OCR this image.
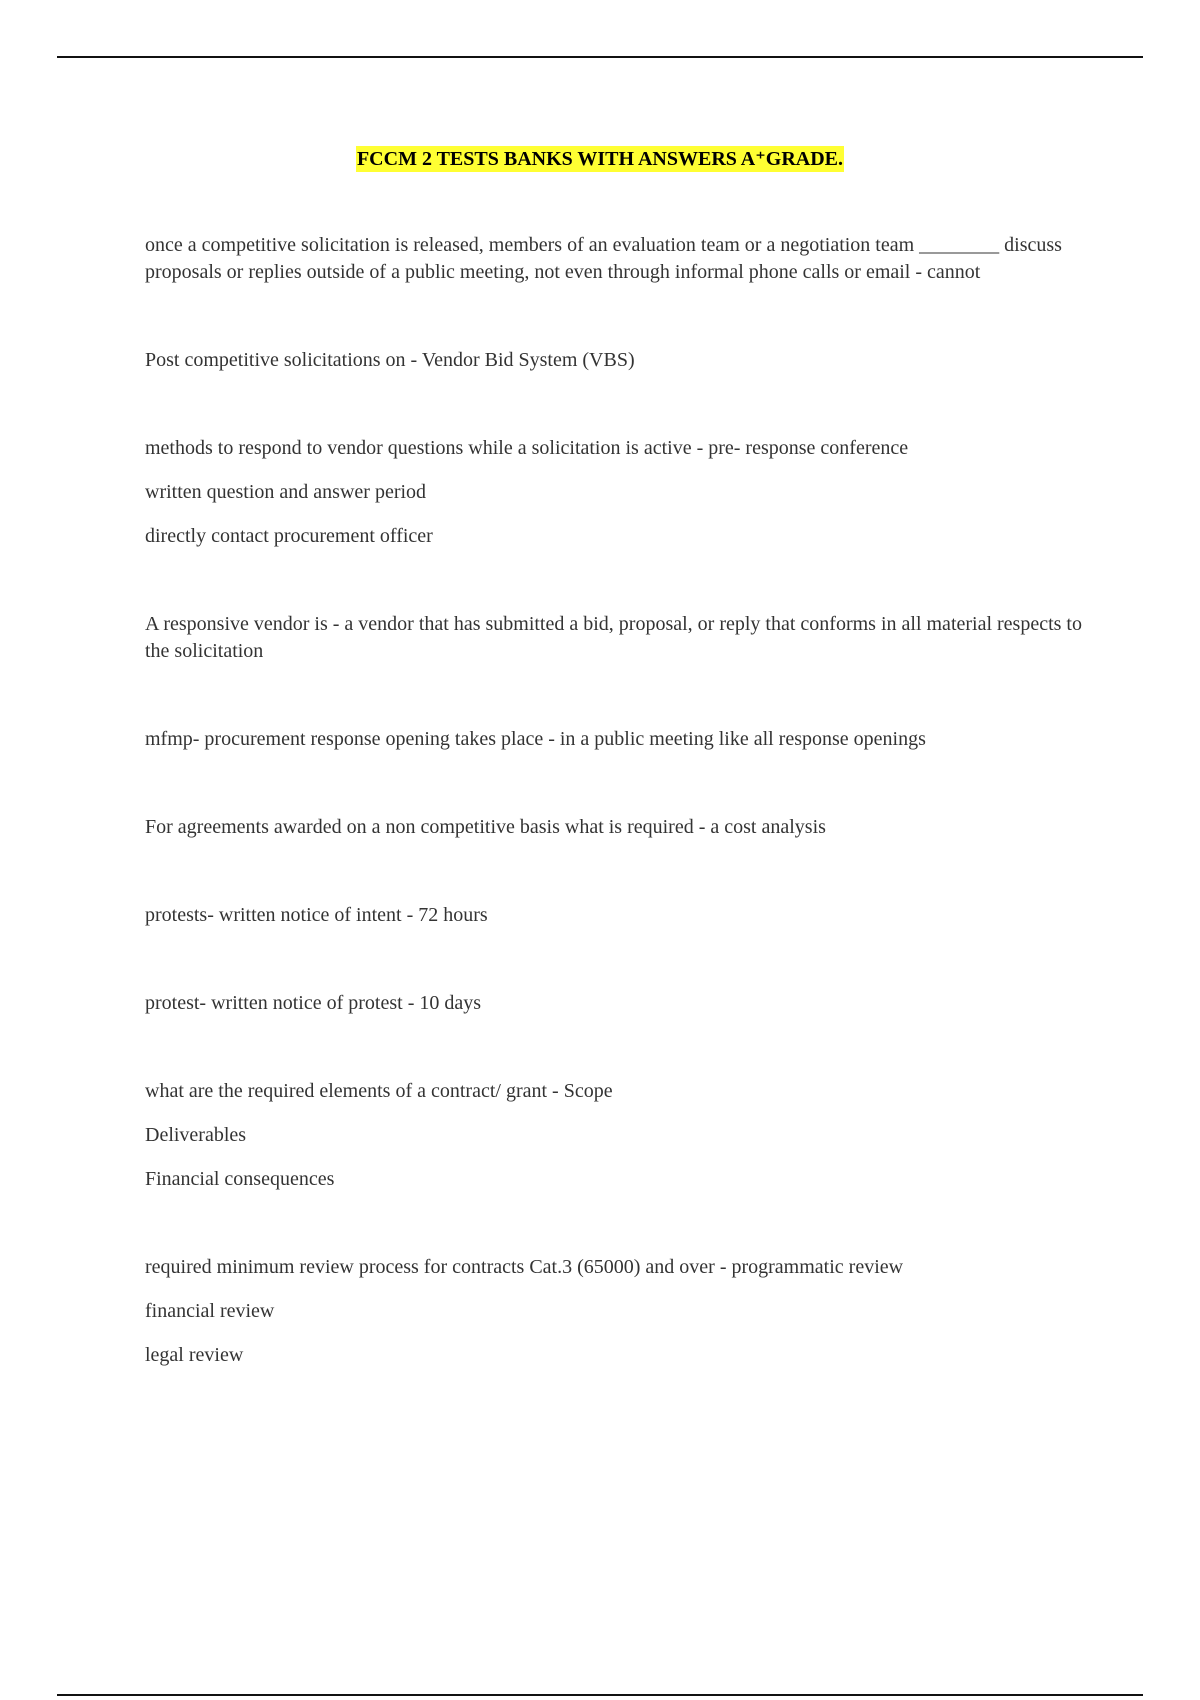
FCCM 2 TESTS BANKS WITH ANSWERS A⁺GRADE.

once a competitive solicitation is released, members of an evaluation team or a negotiation team ________ discuss proposals or replies outside of a public meeting, not even through informal phone calls or email - cannot

Post competitive solicitations on - Vendor Bid System (VBS)

methods to respond to vendor questions while a solicitation is active - pre- response conference

written question and answer period

directly contact procurement officer

A responsive vendor is - a vendor that has submitted a bid, proposal, or reply that conforms in all material respects to the solicitation

mfmp- procurement response opening takes place - in a public meeting like all response openings

For agreements awarded on a non competitive basis what is required - a cost analysis

protests- written notice of intent - 72 hours

protest- written notice of protest - 10 days

what are the required elements of a contract/ grant - Scope

Deliverables

Financial consequences

required minimum review process for contracts Cat.3 (65000) and over - programmatic review

financial review

legal review
